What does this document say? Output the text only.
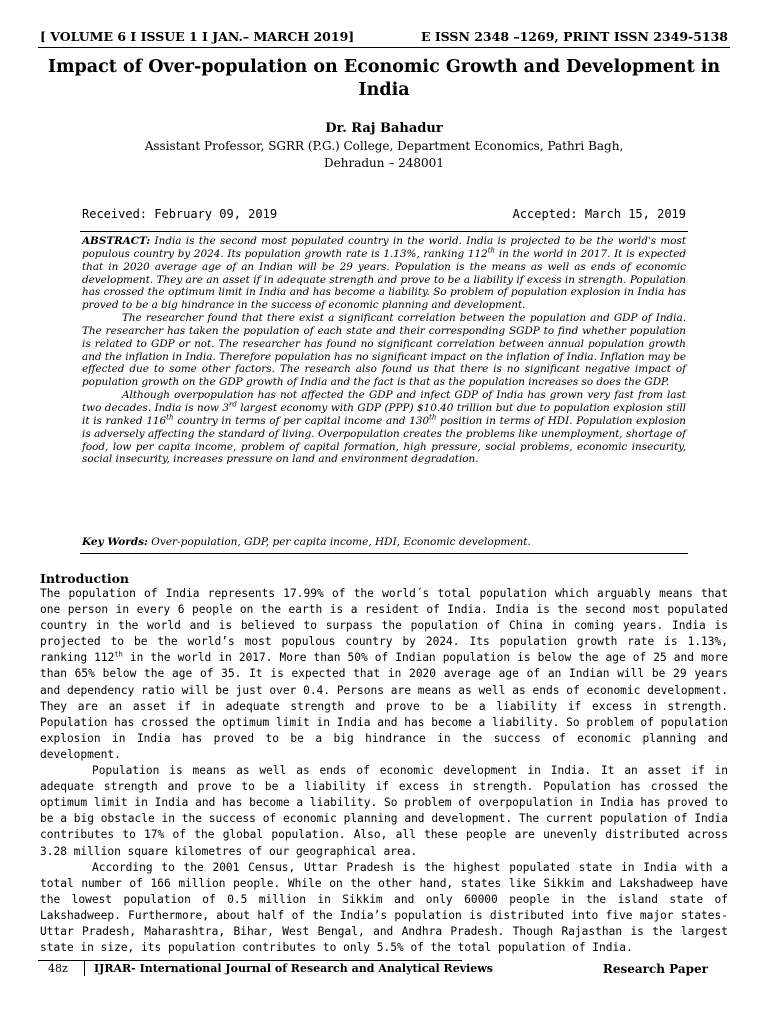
[ VOLUME 6 I ISSUE 1 I JAN.– MARCH 2019]	E ISSN 2348 –1269, PRINT ISSN 2349-5138
Impact of Over-population on Economic Growth and Development in India
Dr. Raj Bahadur
Assistant Professor, SGRR (P.G.) College, Department Economics, Pathri Bagh,
Dehradun – 248001
Received: February 09, 2019	Accepted: March 15, 2019

ABSTRACT: India is the second most populated country in the world. India is projected to be the world's most populous country by 2024. Its population growth rate is 1.13%, ranking 112th in the world in 2017. It is expected that in 2020 average age of an Indian will be 29 years. Population is the means as well as ends of economic development. They are an asset if in adequate strength and prove to be a liability if excess in strength. Population has crossed the optimum limit in India and has become a liability. So problem of population explosion in India has proved to be a big hindrance in the success of economic planning and development.

The researcher found that there exist a significant correlation between the population and GDP of India. The researcher has taken the population of each state and their corresponding SGDP to find whether population is related to GDP or not. The researcher has found no significant correlation between annual population growth and the inflation in India. Therefore population has no significant impact on the inflation of India. Inflation may be effected due to some other factors. The research also found us that there is no significant negative impact of population growth on the GDP growth of India and the fact is that as the population increases so does the GDP.

Although overpopulation has not affected the GDP and infect GDP of India has grown very fast from last two decades. India is now 3rd largest economy with GDP (PPP) $10.40 trillion but due to population explosion still it is ranked 116th country in terms of per capital income and 130th position in terms of HDI. Population explosion is adversely affecting the standard of living. Overpopulation creates the problems like unemployment, shortage of food, low per capita income, problem of capital formation, high pressure, social problems, economic insecurity, social insecurity, increases pressure on land and environment degradation.

Key Words: Over-population, GDP, per capita income, HDI, Economic development.
Introduction

The population of India represents 17.99% of the world´s total population which arguably means that one person in every 6 people on the earth is a resident of India. India is the second most populated country in the world and is believed to surpass the population of China in coming years. India is projected to be the world’s most populous country by 2024. Its population growth rate is 1.13%, ranking 112th in the world in 2017. More than 50% of Indian population is below the age of 25 and more than 65% below the age of 35. It is expected that in 2020 average age of an Indian will be 29 years and dependency ratio will be just over 0.4. Persons are means as well as ends of economic development. They are an asset if in adequate strength and prove to be a liability if excess in strength. Population has crossed the optimum limit in India and has become a liability. So problem of population explosion in India has proved to be a big hindrance in the success of economic planning and development.

Population is means as well as ends of economic development in India. It an asset if in adequate strength and prove to be a liability if excess in strength. Population has crossed the optimum limit in India and has become a liability. So problem of overpopulation in India has proved to be a big obstacle in the success of economic planning and development. The current population of India contributes to 17% of the global population. Also, all these people are unevenly distributed across 3.28 million square kilometres of our geographical area.

According to the 2001 Census, Uttar Pradesh is the highest populated state in India with a total number of 166 million people. While on the other hand, states like Sikkim and Lakshadweep have the lowest population of 0.5 million in Sikkim and only 60000 people in the island state of Lakshadweep. Furthermore, about half of the India’s population is distributed into five major states- Uttar Pradesh, Maharashtra, Bihar, West Bengal, and Andhra Pradesh. Though Rajasthan is the largest state in size, its population contributes to only 5.5% of the total population of India.

48z IJRAR- International Journal of Research and Analytical Reviews	Research Paper
